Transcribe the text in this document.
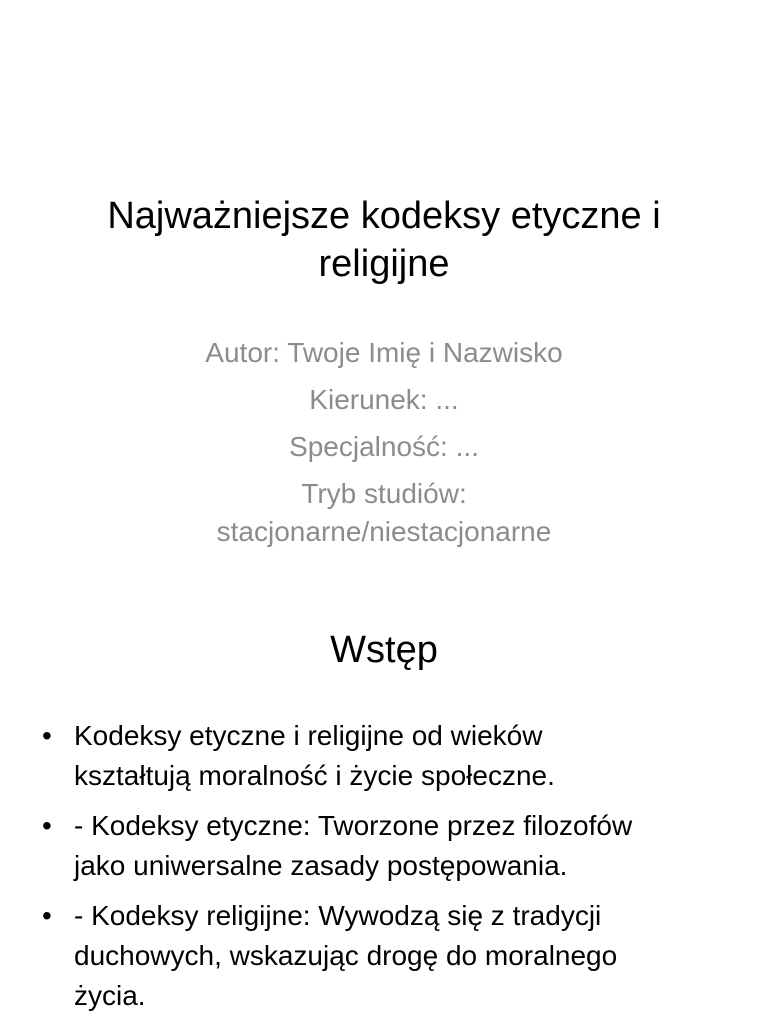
Najważniejsze kodeksy etyczne i
religijne
Autor: Twoje Imię i Nazwisko
Kierunek: ...
Specjalność: ...
Tryb studiów:
stacjonarne/niestacjonarne
Wstęp
• Kodeksy etyczne i religijne od wieków
kształtują moralność i życie społeczne.
• - Kodeksy etyczne: Tworzone przez filozofów
jako uniwersalne zasady postępowania.
• - Kodeksy religijne: Wywodzą się z tradycji
duchowych, wskazując drogę do moralnego
życia.
